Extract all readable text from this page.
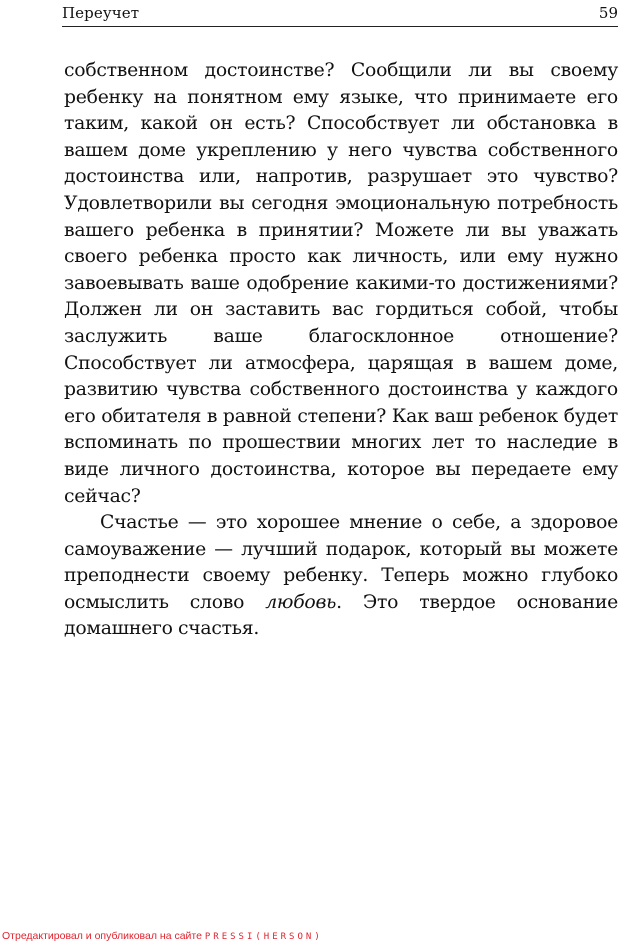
Переучет	59

собственном достоинстве? Сообщили ли вы своему ребенку на понятном ему языке, что принимаете его таким, какой он есть? Способствует ли обстановка в вашем доме укреплению у него чувства собственного достоинства или, напротив, разрушает это чувство? Удовлетворили вы сегодня эмоциональную потребность вашего ребенка в принятии? Можете ли вы уважать своего ребенка просто как личность, или ему нужно завоевывать ваше одобрение какими-то достижениями? Должен ли он заставить вас гордиться собой, чтобы заслужить ваше благосклонное отношение? Способствует ли атмосфера, царящая в вашем доме, развитию чувства собственного достоинства у каждого его обитателя в равной степени? Как ваш ребенок будет вспоминать по прошествии многих лет то наследие в виде личного достоинства, которое вы передаете ему сейчас?

Счастье — это хорошее мнение о себе, а здоровое самоуважение — лучший подарок, который вы можете преподнести своему ребенку. Теперь можно глубоко осмыслить слово любовь. Это твердое основание домашнего счастья.

Отредактировал и опубликовал на сайте PRESSI(HERSON)
